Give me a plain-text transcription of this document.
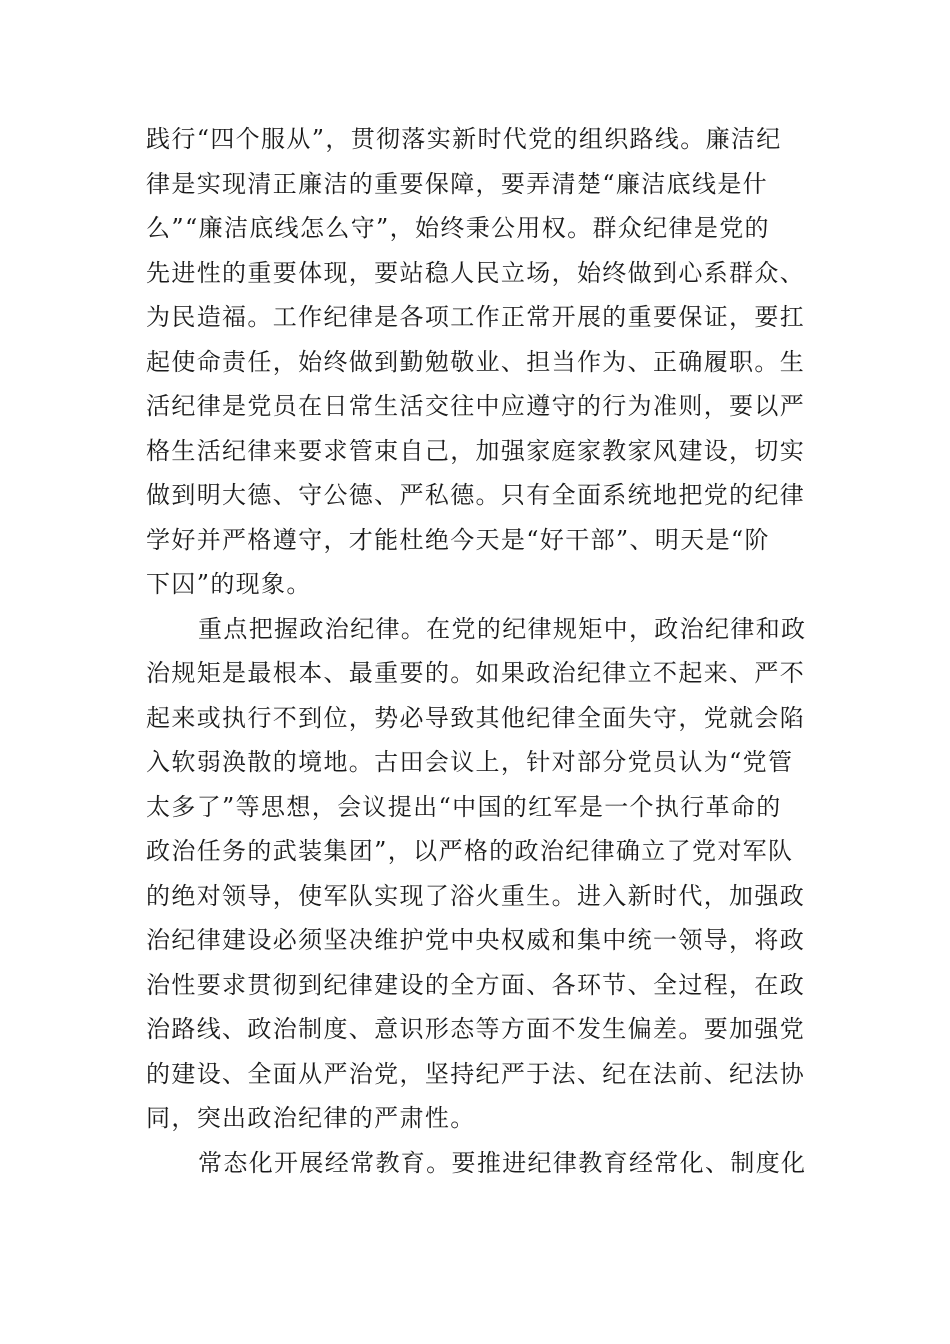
践行“四个服从”，贯彻落实新时代党的组织路线。廉洁纪
律是实现清正廉洁的重要保障，要弄清楚“廉洁底线是什
么”“廉洁底线怎么守”，始终秉公用权。群众纪律是党的
先进性的重要体现，要站稳人民立场，始终做到心系群众、
为民造福。工作纪律是各项工作正常开展的重要保证，要扛
起使命责任，始终做到勤勉敬业、担当作为、正确履职。生
活纪律是党员在日常生活交往中应遵守的行为准则，要以严
格生活纪律来要求管束自己，加强家庭家教家风建设，切实
做到明大德、守公德、严私德。只有全面系统地把党的纪律
学好并严格遵守，才能杜绝今天是“好干部”、明天是“阶
下囚”的现象。
重点把握政治纪律。在党的纪律规矩中，政治纪律和政
治规矩是最根本、最重要的。如果政治纪律立不起来、严不
起来或执行不到位，势必导致其他纪律全面失守，党就会陷
入软弱涣散的境地。古田会议上，针对部分党员认为“党管
太多了”等思想，会议提出“中国的红军是一个执行革命的
政治任务的武装集团”，以严格的政治纪律确立了党对军队
的绝对领导，使军队实现了浴火重生。进入新时代，加强政
治纪律建设必须坚决维护党中央权威和集中统一领导，将政
治性要求贯彻到纪律建设的全方面、各环节、全过程，在政
治路线、政治制度、意识形态等方面不发生偏差。要加强党
的建设、全面从严治党，坚持纪严于法、纪在法前、纪法协
同，突出政治纪律的严肃性。
常态化开展经常教育。要推进纪律教育经常化、制度化
